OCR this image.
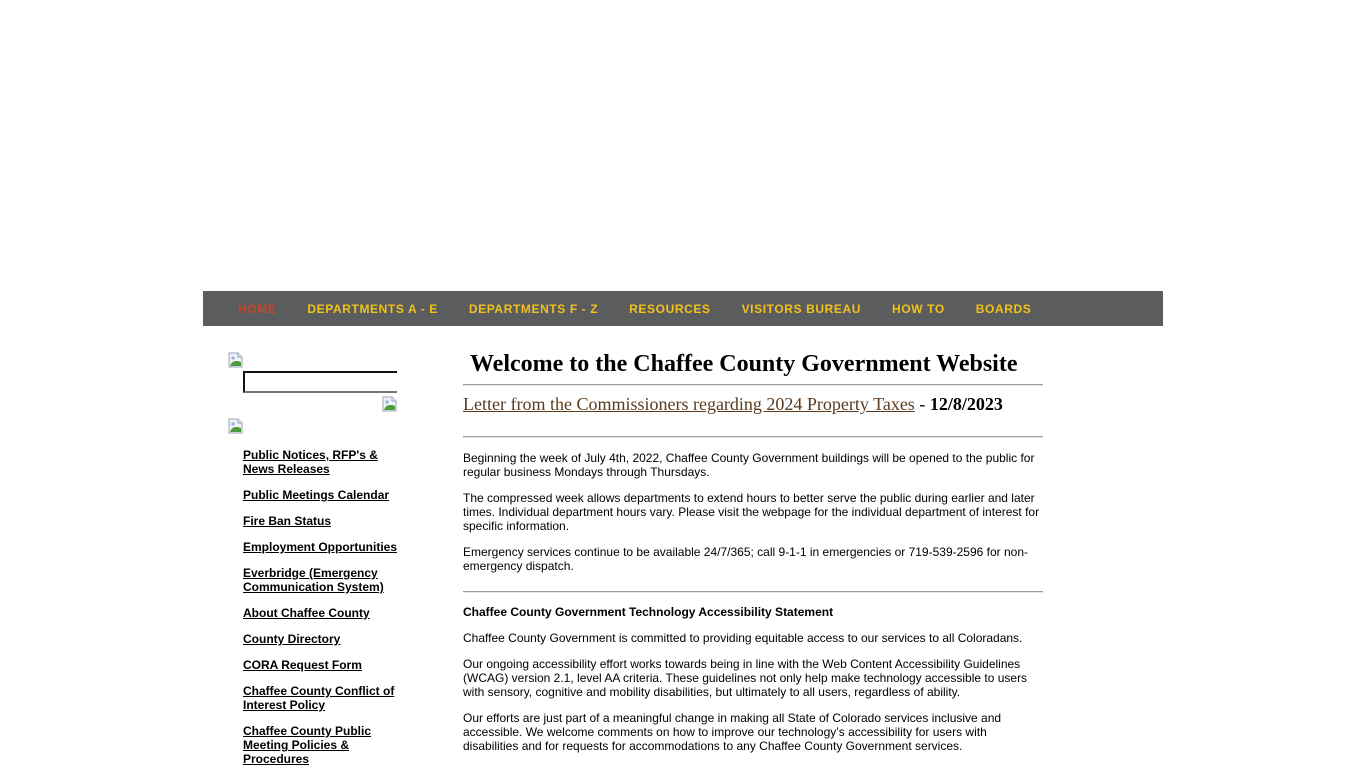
HOME	DEPARTMENTS A - E	DEPARTMENTS F - Z	RESOURCES	VISITORS BUREAU	HOW TO	BOARDS
Public Notices, RFP's & News Releases
Public Meetings Calendar
Fire Ban Status
Employment Opportunities
Everbridge (Emergency Communication System)
About Chaffee County
County Directory
CORA Request Form
Chaffee County Conflict of Interest Policy
Chaffee County Public Meeting Policies & Procedures
Welcome to the Chaffee County Government Website
Letter from the Commissioners regarding 2024 Property Taxes - 12/8/2023

Beginning the week of July 4th, 2022, Chaffee County Government buildings will be opened to the public for regular business Mondays through Thursdays.

The compressed week allows departments to extend hours to better serve the public during earlier and later times. Individual department hours vary. Please visit the webpage for the individual department of interest for specific information.

Emergency services continue to be available 24/7/365; call 9-1-1 in emergencies or 719-539-2596 for non-emergency dispatch.

Chaffee County Government Technology Accessibility Statement

Chaffee County Government is committed to providing equitable access to our services to all Coloradans.

Our ongoing accessibility effort works towards being in line with the Web Content Accessibility Guidelines (WCAG) version 2.1, level AA criteria. These guidelines not only help make technology accessible to users with sensory, cognitive and mobility disabilities, but ultimately to all users, regardless of ability.

Our efforts are just part of a meaningful change in making all State of Colorado services inclusive and accessible. We welcome comments on how to improve our technology’s accessibility for users with disabilities and for requests for accommodations to any Chaffee County Government services.
